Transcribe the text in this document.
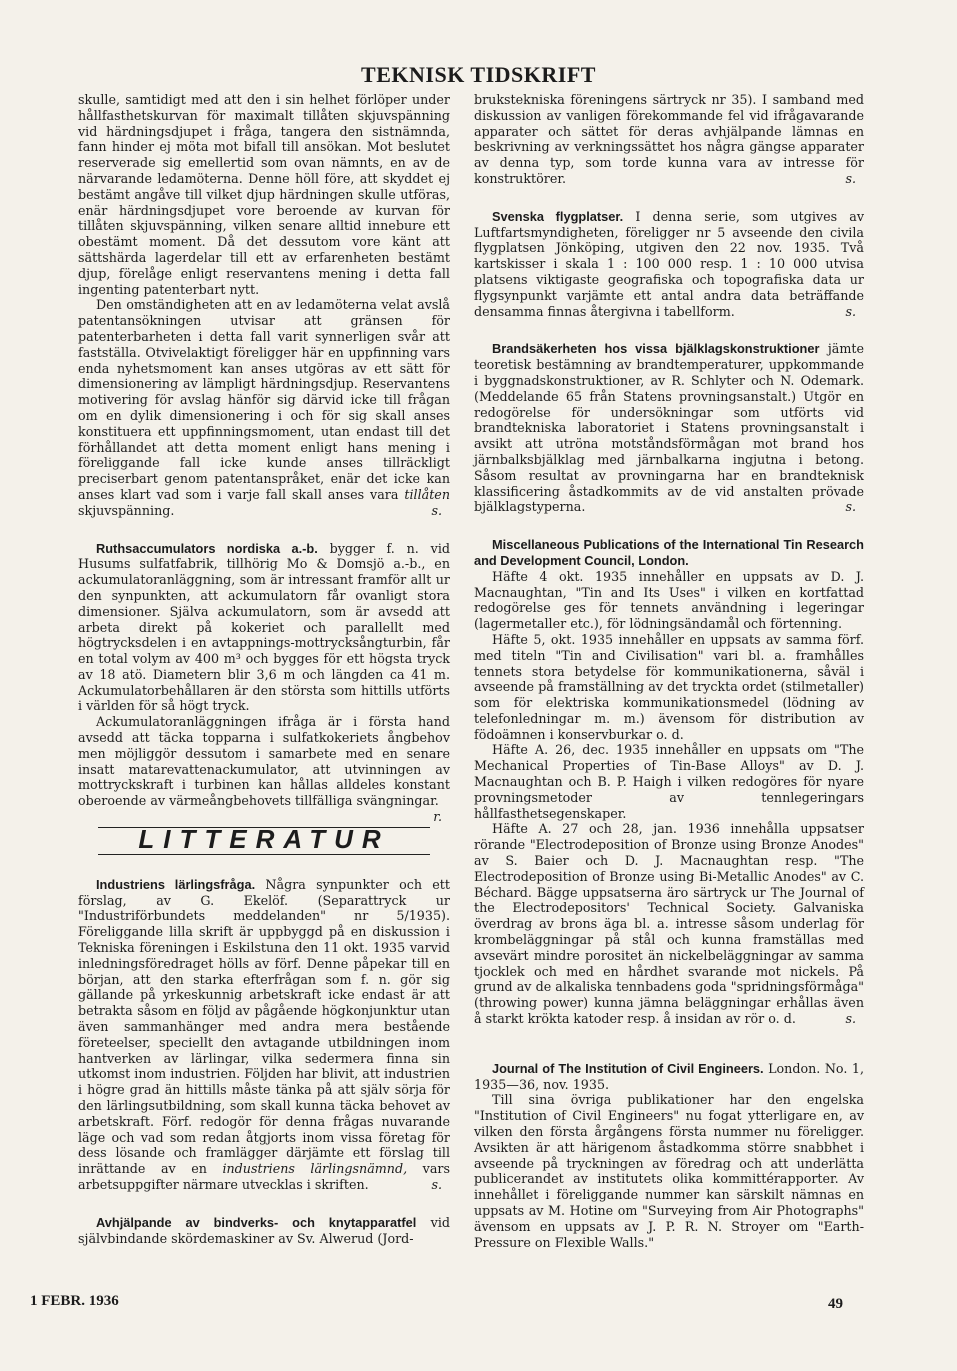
TEKNISK TIDSKRIFT

skulle, samtidigt med att den i sin helhet förlöper under hållfasthetskurvan för maximalt tillåten skjuvspänning vid härdningsdjupet i fråga, tangera den sistnämnda, fann hinder ej möta mot bifall till ansökan. Mot beslutet reserverade sig emellertid som ovan nämnts, en av de närvarande ledamöterna. Denne höll före, att skyddet ej bestämt angåve till vilket djup härdningen skulle utföras, enär härdningsdjupet vore beroende av kurvan för tillåten skjuvspänning, vilken senare alltid innebure ett obestämt moment. Då det dessutom vore känt att sättshärda lagerdelar till ett av erfarenheten bestämt djup, förelåge enligt reservantens mening i detta fall ingenting patenterbart nytt.

Den omständigheten att en av ledamöterna velat avslå patentansökningen utvisar att gränsen för patenterbarheten i detta fall varit synnerligen svår att fastställa. Otvivelaktigt föreligger här en uppfinning vars enda nyhetsmoment kan anses utgöras av ett sätt för dimensionering av lämpligt härdningsdjup. Reservantens motivering för avslag hänför sig därvid icke till frågan om en dylik dimensionering i och för sig skall anses konstituera ett uppfinningsmoment, utan endast till det förhållandet att detta moment enligt hans mening i föreliggande fall icke kunde anses tillräckligt preciserbart genom patentanspråket, enär det icke kan anses klart vad som i varje fall skall anses vara tillåten skjuvspänning.	s.

Ruthsaccumulators nordiska a.-b. bygger f. n. vid Husums sulfatfabrik, tillhörig Mo & Domsjö a.-b., en ackumulatoranläggning, som är intressant framför allt ur den synpunkten, att ackumulatorn får ovanligt stora dimensioner. Själva ackumulatorn, som är avsedd att arbeta direkt på kokeriet och parallellt med högtrycksdelen i en avtappnings-mottrycksångturbin, får en total volym av 400 m³ och bygges för ett högsta tryck av 18 atö. Diametern blir 3,6 m och längden ca 41 m. Ackumulatorbehållaren är den största som hittills utförts i världen för så högt tryck.

Ackumulatoranläggningen ifråga är i första hand avsedd att täcka topparna i sulfatkokeriets ångbehov men möjliggör dessutom i samarbete med en senare insatt matarevattenackumulator, att utvinningen av mottryckskraft i turbinen kan hållas alldeles konstant oberoende av värmeångbehovets tillfälliga svängningar.
r.

LITTERATUR

Industriens lärlingsfråga. Några synpunkter och ett förslag, av G. Ekelöf. (Separattryck ur "Industriförbundets meddelanden" nr 5/1935). Föreliggande lilla skrift är uppbyggd på en diskussion i Tekniska föreningen i Eskilstuna den 11 okt. 1935 varvid inledningsföredraget hölls av förf. Denne påpekar till en början, att den starka efterfrågan som f. n. gör sig gällande på yrkeskunnig arbetskraft icke endast är att betrakta såsom en följd av pågående högkonjunktur utan även sammanhänger med andra mera bestående företeelser, speciellt den avtagande utbildningen inom hantverken av lärlingar, vilka sedermera finna sin utkomst inom industrien. Följden har blivit, att industrien i högre grad än hittills måste tänka på att själv sörja för den lärlingsutbildning, som skall kunna täcka behovet av arbetskraft. Förf. redogör för denna frågas nuvarande läge och vad som redan åtgjorts inom vissa företag för dess lösande och framlägger därjämte ett förslag till inrättande av en industriens lärlingsnämnd, vars arbetsuppgifter närmare utvecklas i skriften.	s.

Avhjälpande av bindverks- och knytapparatfel vid självbindande skördemaskiner av Sv. Alwerud (Jord-

brukstekniska föreningens särtryck nr 35). I samband med diskussion av vanligen förekommande fel vid ifrågavarande apparater och sättet för deras avhjälpande lämnas en beskrivning av verkningssättet hos några gängse apparater av denna typ, som torde kunna vara av intresse för konstruktörer.	s.

Svenska flygplatser. I denna serie, som utgives av Luftfartsmyndigheten, föreligger nr 5 avseende den civila flygplatsen Jönköping, utgiven den 22 nov. 1935. Två kartskisser i skala 1 : 100 000 resp. 1 : 10 000 utvisa platsens viktigaste geografiska och topografiska data ur flygsynpunkt varjämte ett antal andra data beträffande densamma finnas återgivna i tabellform.	s.

Brandsäkerheten hos vissa bjälklagskonstruktioner jämte teoretisk bestämning av brandtemperaturer, uppkommande i byggnadskonstruktioner, av R. Schlyter och N. Odemark. (Meddelande 65 från Statens provningsanstalt.) Utgör en redogörelse för undersökningar som utförts vid brandtekniska laboratoriet i Statens provningsanstalt i avsikt att utröna motståndsförmågan mot brand hos järnbalksbjälklag med järnbalkarna ingjutna i betong. Såsom resultat av provningarna har en brandteknisk klassificering åstadkommits av de vid anstalten prövade bjälklagstyperna.	s.

Miscellaneous Publications of the International Tin Research and Development Council, London.

Häfte 4 okt. 1935 innehåller en uppsats av D. J. Macnaughtan, "Tin and Its Uses" i vilken en kortfattad redogörelse ges för tennets användning i legeringar (lagermetaller etc.), för lödningsändamål och förtenning.

Häfte 5, okt. 1935 innehåller en uppsats av samma förf. med titeln "Tin and Civilisation" vari bl. a. framhålles tennets stora betydelse för kommunikationerna, såväl i avseende på framställning av det tryckta ordet (stilmetaller) som för elektriska kommunikationsmedel (lödning av telefonledningar m. m.) ävensom för distribution av födoämnen i konservburkar o. d.

Häfte A. 26, dec. 1935 innehåller en uppsats om "The Mechanical Properties of Tin-Base Alloys" av D. J. Macnaughtan och B. P. Haigh i vilken redogöres för nyare provningsmetoder av tennlegeringars hållfasthetsegenskaper.

Häfte A. 27 och 28, jan. 1936 innehålla uppsatser rörande "Electrodeposition of Bronze using Bronze Anodes" av S. Baier och D. J. Macnaughtan resp. "The Electrodeposition of Bronze using Bi-Metallic Anodes" av C. Béchard. Bägge uppsatserna äro särtryck ur The Journal of the Electrodepositors' Technical Society. Galvaniska överdrag av brons äga bl. a. intresse såsom underlag för krombeläggningar på stål och kunna framställas med avsevärt mindre porositet än nickelbeläggningar av samma tjocklek och med en hårdhet svarande mot nickels. På grund av de alkaliska tennbadens goda "spridningsförmåga" (throwing power) kunna jämna beläggningar erhållas även å starkt krökta katoder resp. å insidan av rör o. d.	s.

Journal of The Institution of Civil Engineers. London. No. 1, 1935—36, nov. 1935.

Till sina övriga publikationer har den engelska "Institution of Civil Engineers" nu fogat ytterligare en, av vilken den första årgångens första nummer nu föreligger. Avsikten är att härigenom åstadkomma större snabbhet i avseende på tryckningen av föredrag och att underlätta publicerandet av institutets olika kommittérapporter. Av innehållet i föreliggande nummer kan särskilt nämnas en uppsats av M. Hotine om "Surveying from Air Photographs" ävensom en uppsats av J. P. R. N. Stroyer om "Earth-Pressure on Flexible Walls."

1 FEBR. 1936	49
